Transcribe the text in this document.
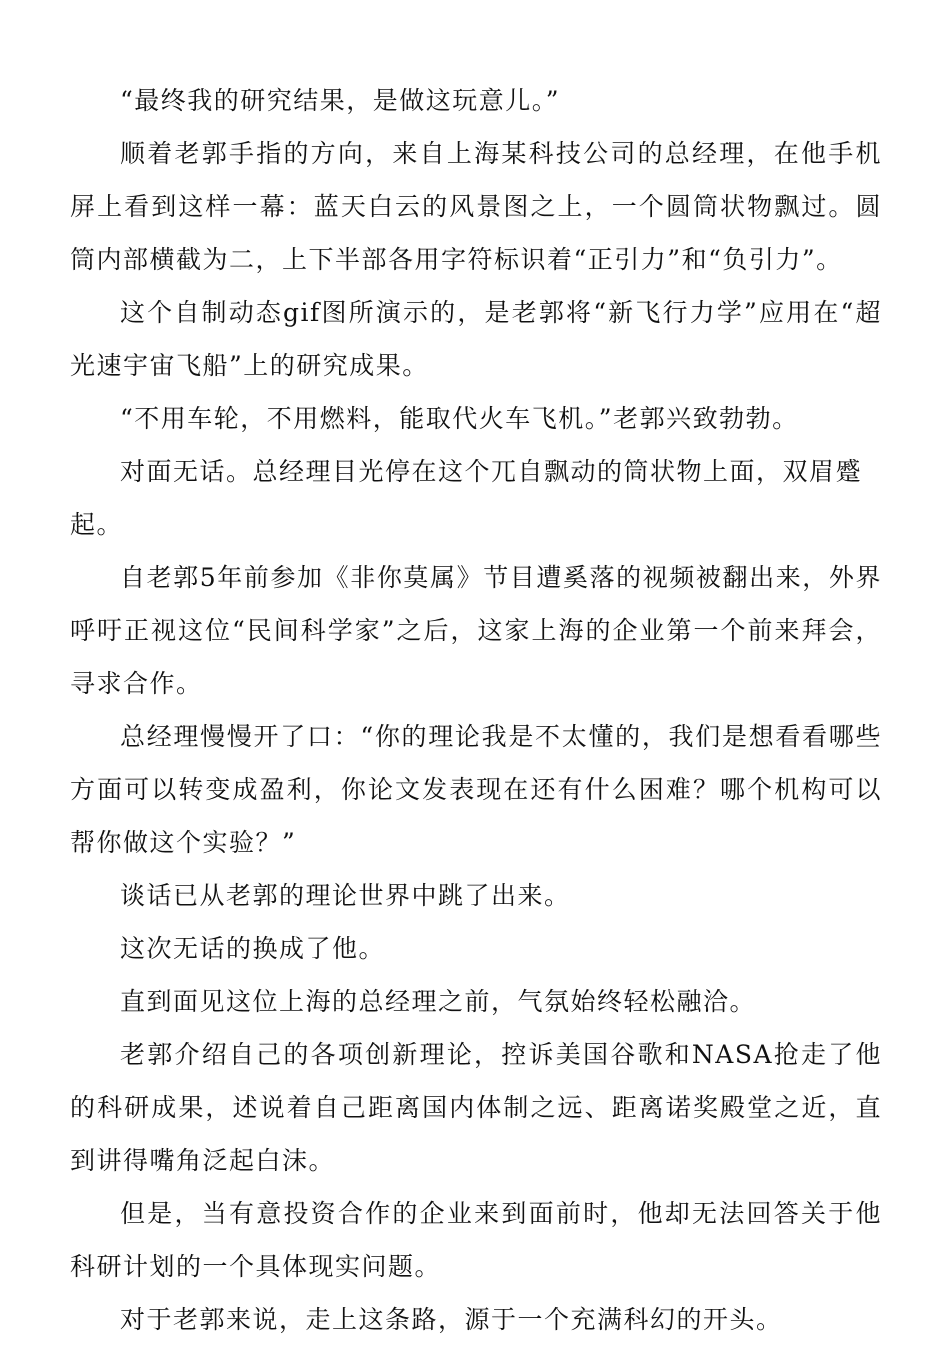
“最终我的研究结果，是做这玩意儿。”

顺着老郭手指的方向，来自上海某科技公司的总经理，在他手机屏上看到这样一幕：蓝天白云的风景图之上，一个圆筒状物飘过。圆筒内部横截为二，上下半部各用字符标识着“正引力”和“负引力”。

这个自制动态gif图所演示的，是老郭将“新飞行力学”应用在“超光速宇宙飞船”上的研究成果。

“不用车轮，不用燃料，能取代火车飞机。”老郭兴致勃勃。

对面无话。总经理目光停在这个兀自飘动的筒状物上面，双眉蹙起。

自老郭5年前参加《非你莫属》节目遭奚落的视频被翻出来，外界呼吁正视这位“民间科学家”之后，这家上海的企业第一个前来拜会，寻求合作。

总经理慢慢开了口：“你的理论我是不太懂的，我们是想看看哪些方面可以转变成盈利，你论文发表现在还有什么困难？哪个机构可以帮你做这个实验？”

谈话已从老郭的理论世界中跳了出来。

这次无话的换成了他。

直到面见这位上海的总经理之前，气氛始终轻松融洽。

老郭介绍自己的各项创新理论，控诉美国谷歌和NASA抢走了他的科研成果，述说着自己距离国内体制之远、距离诺奖殿堂之近，直到讲得嘴角泛起白沫。

但是，当有意投资合作的企业来到面前时，他却无法回答关于他科研计划的一个具体现实问题。

对于老郭来说，走上这条路，源于一个充满科幻的开头。
